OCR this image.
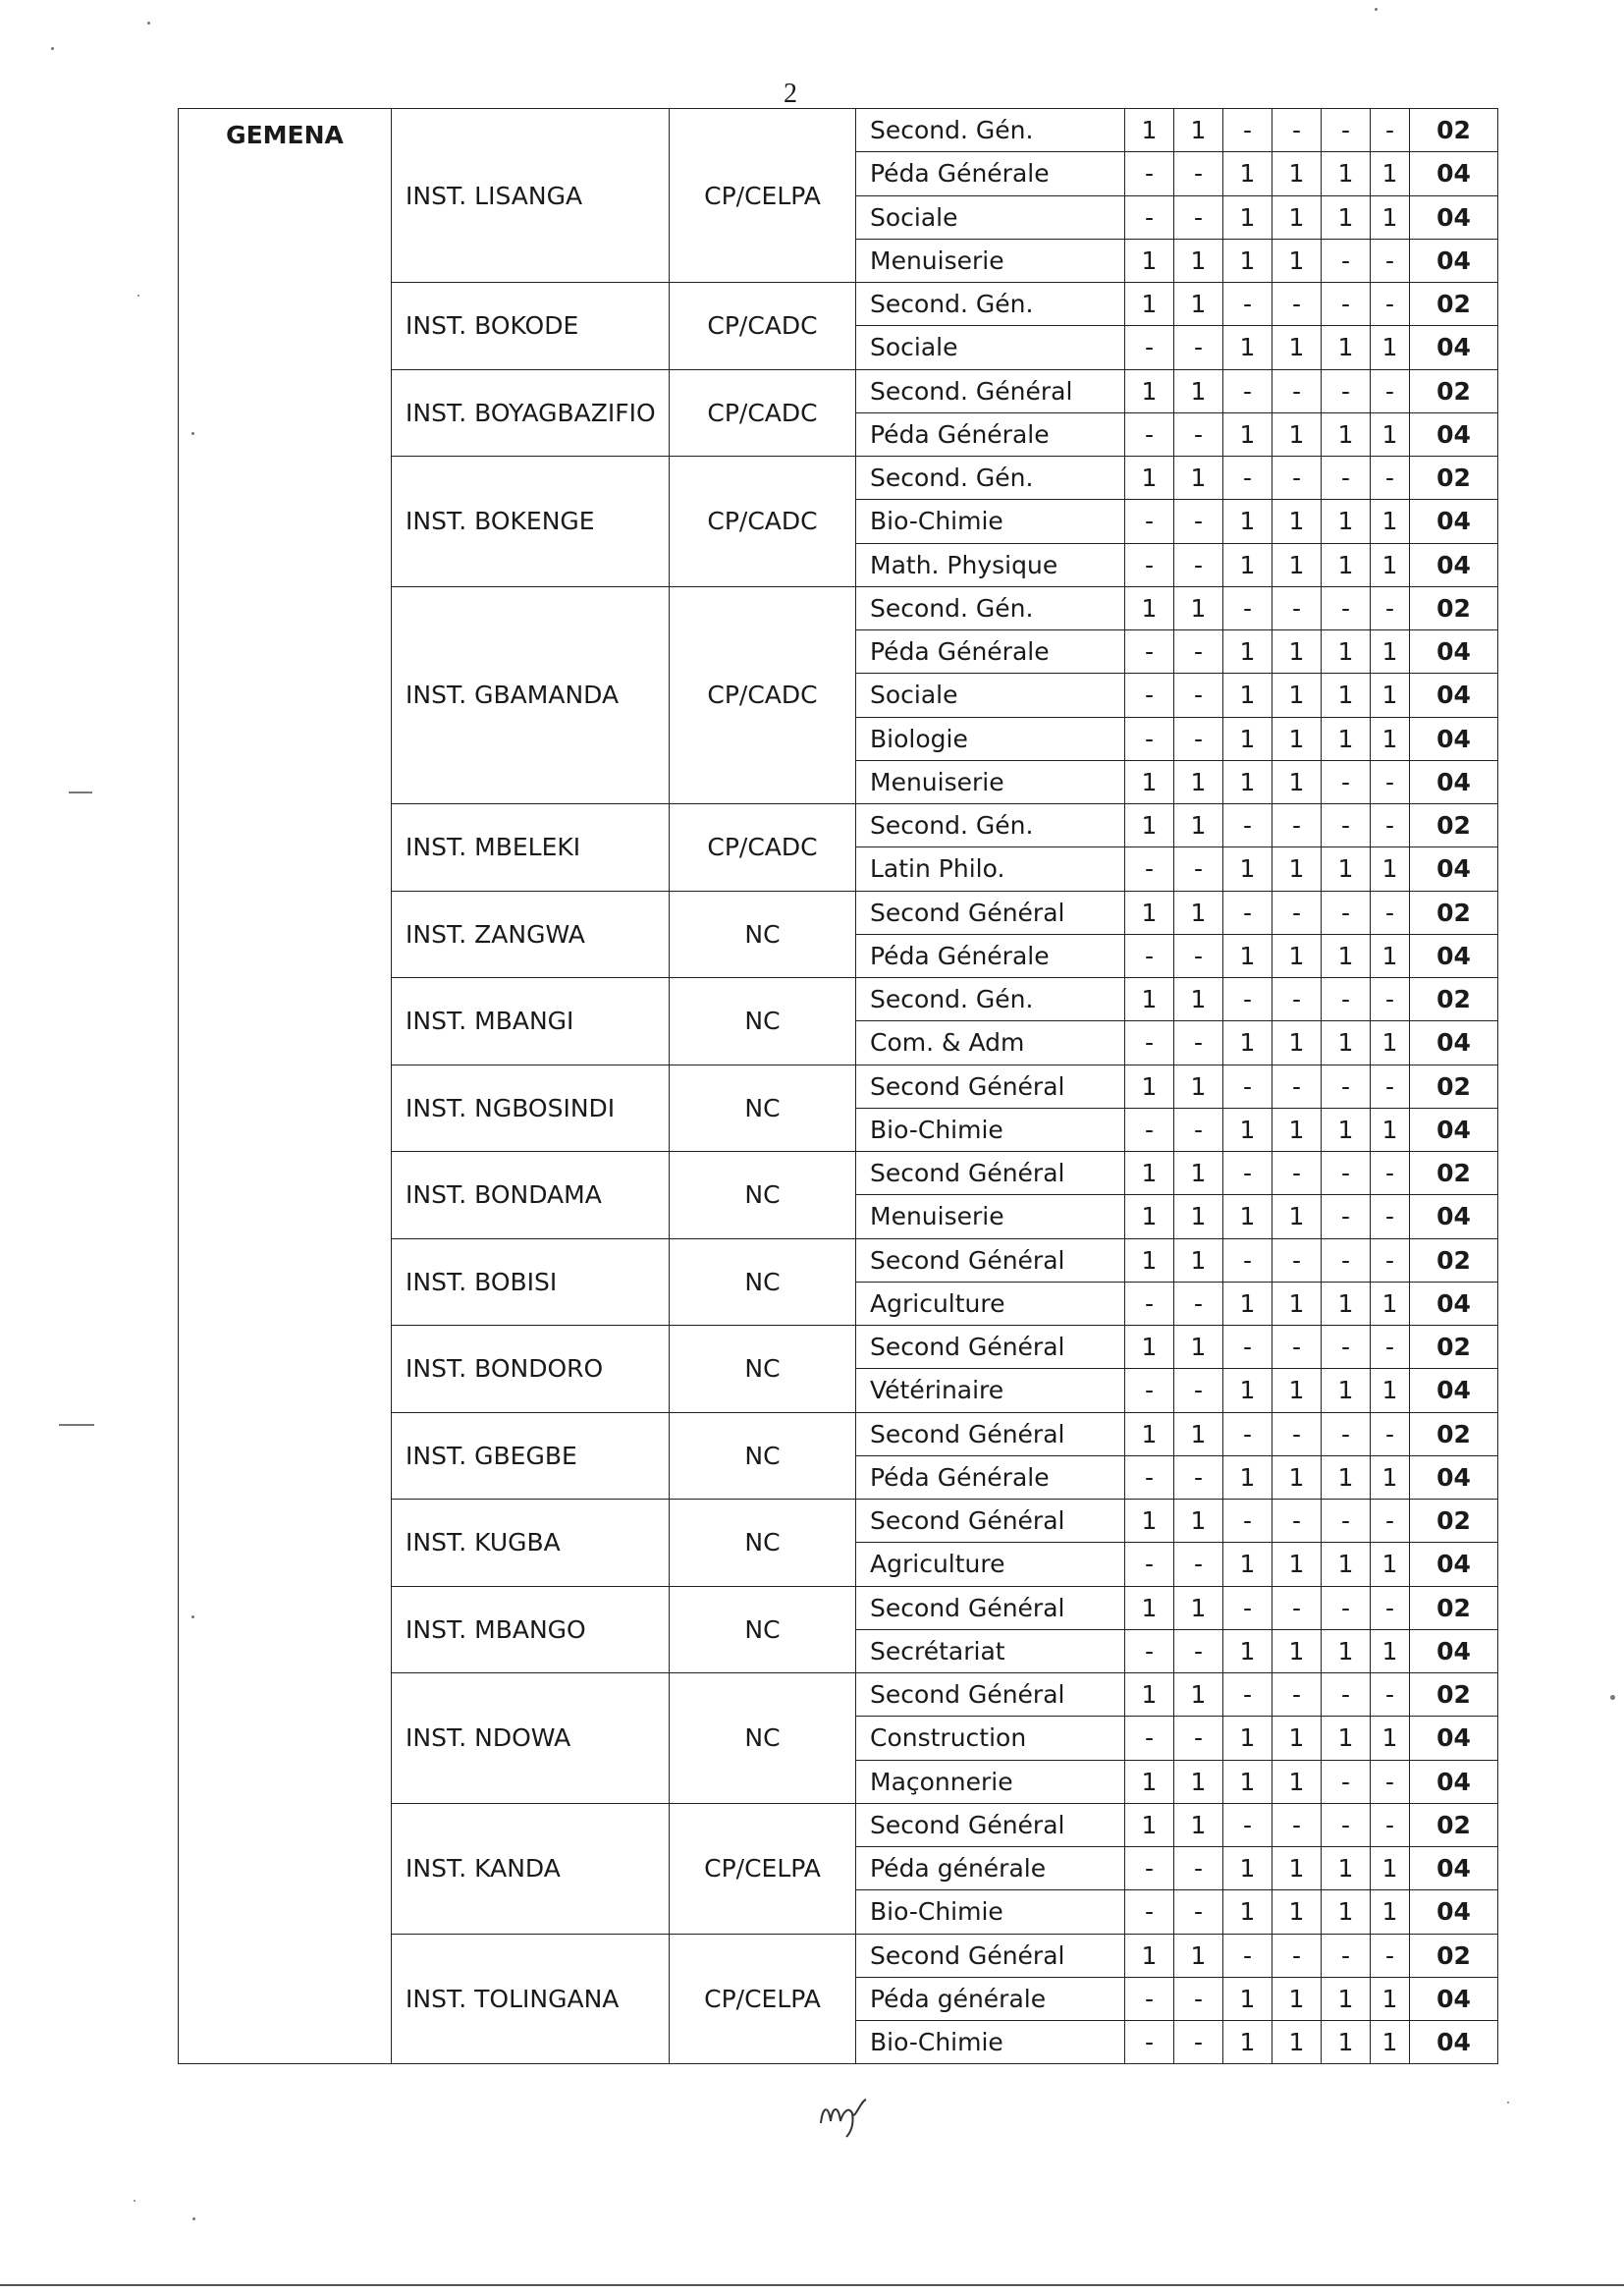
2
GEMENA	INST. LISANGA	CP/CELPA	Second. Gén.	1	1	-	-	-	-	02
			Péda Générale	-	-	1	1	1	1	04
			Sociale	-	-	1	1	1	1	04
			Menuiserie	1	1	1	1	-	-	04
	INST. BOKODE	CP/CADC	Second. Gén.	1	1	-	-	-	-	02
			Sociale	-	-	1	1	1	1	04
	INST. BOYAGBAZIFIO	CP/CADC	Second. Général	1	1	-	-	-	-	02
			Péda Générale	-	-	1	1	1	1	04
	INST. BOKENGE	CP/CADC	Second. Gén.	1	1	-	-	-	-	02
			Bio-Chimie	-	-	1	1	1	1	04
			Math. Physique	-	-	1	1	1	1	04
	INST. GBAMANDA	CP/CADC	Second. Gén.	1	1	-	-	-	-	02
			Péda Générale	-	-	1	1	1	1	04
			Sociale	-	-	1	1	1	1	04
			Biologie	-	-	1	1	1	1	04
			Menuiserie	1	1	1	1	-	-	04
	INST. MBELEKI	CP/CADC	Second. Gén.	1	1	-	-	-	-	02
			Latin Philo.	-	-	1	1	1	1	04
	INST. ZANGWA	NC	Second Général	1	1	-	-	-	-	02
			Péda Générale	-	-	1	1	1	1	04
	INST. MBANGI	NC	Second. Gén.	1	1	-	-	-	-	02
			Com. & Adm	-	-	1	1	1	1	04
	INST. NGBOSINDI	NC	Second Général	1	1	-	-	-	-	02
			Bio-Chimie	-	-	1	1	1	1	04
	INST. BONDAMA	NC	Second Général	1	1	-	-	-	-	02
			Menuiserie	1	1	1	1	-	-	04
	INST. BOBISI	NC	Second Général	1	1	-	-	-	-	02
			Agriculture	-	-	1	1	1	1	04
	INST. BONDORO	NC	Second Général	1	1	-	-	-	-	02
			Vétérinaire	-	-	1	1	1	1	04
	INST. GBEGBE	NC	Second Général	1	1	-	-	-	-	02
			Péda Générale	-	-	1	1	1	1	04
	INST. KUGBA	NC	Second Général	1	1	-	-	-	-	02
			Agriculture	-	-	1	1	1	1	04
	INST. MBANGO	NC	Second Général	1	1	-	-	-	-	02
			Secrétariat	-	-	1	1	1	1	04
	INST. NDOWA	NC	Second Général	1	1	-	-	-	-	02
			Construction	-	-	1	1	1	1	04
			Maçonnerie	1	1	1	1	-	-	04
	INST. KANDA	CP/CELPA	Second Général	1	1	-	-	-	-	02
			Péda générale	-	-	1	1	1	1	04
			Bio-Chimie	-	-	1	1	1	1	04
	INST. TOLINGANA	CP/CELPA	Second Général	1	1	-	-	-	-	02
			Péda générale	-	-	1	1	1	1	04
			Bio-Chimie	-	-	1	1	1	1	04
